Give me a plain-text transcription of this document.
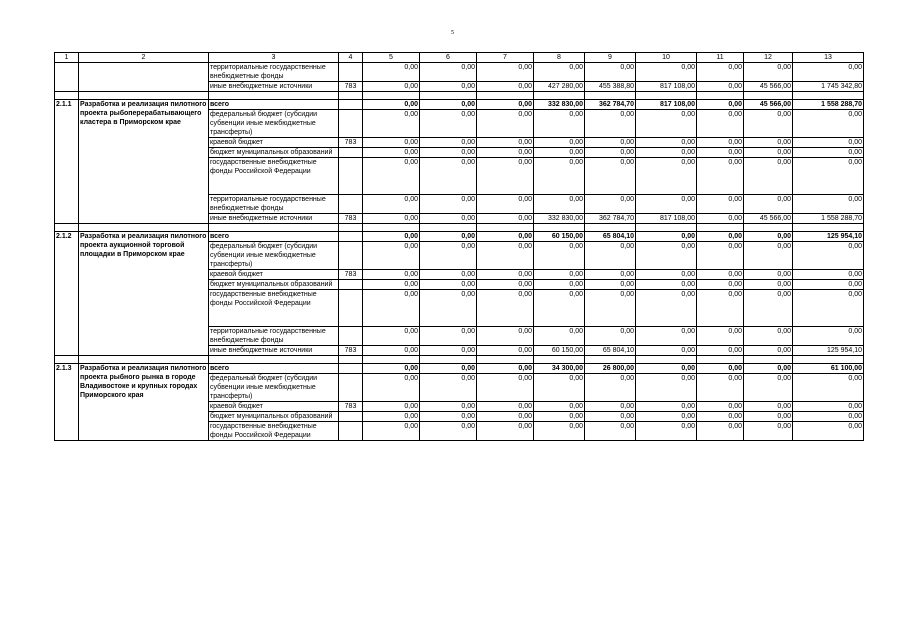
5
1	2	3	4	5	6	7	8	9	10	11	12	13
		территориальные государственные внебюджетные фонды		0,00	0,00	0,00	0,00	0,00	0,00	0,00	0,00	0,00
		иные внебюджетные источники	783	0,00	0,00	0,00	427 280,00	455 388,80	817 108,00	0,00	45 566,00	1 745 342,80

2.1.1	Разработка и реализация пилотного проекта рыбоперерабатывающего кластера в Приморском крае	всего		0,00	0,00	0,00	332 830,00	362 784,70	817 108,00	0,00	45 566,00	1 558 288,70
		федеральный бюджет (субсидии субвенции иные межбюджетные трансферты)		0,00	0,00	0,00	0,00	0,00	0,00	0,00	0,00	0,00
		краевой бюджет	783	0,00	0,00	0,00	0,00	0,00	0,00	0,00	0,00	0,00
		бюджет муниципальных образований		0,00	0,00	0,00	0,00	0,00	0,00	0,00	0,00	0,00
		государственные внебюджетные фонды Российской Федерации		0,00	0,00	0,00	0,00	0,00	0,00	0,00	0,00	0,00
		территориальные государственные внебюджетные фонды		0,00	0,00	0,00	0,00	0,00	0,00	0,00	0,00	0,00
		иные внебюджетные источники	783	0,00	0,00	0,00	332 830,00	362 784,70	817 108,00	0,00	45 566,00	1 558 288,70

2.1.2	Разработка и реализация пилотного проекта аукционной торговой площадки в Приморском крае	всего		0,00	0,00	0,00	60 150,00	65 804,10	0,00	0,00	0,00	125 954,10
		федеральный бюджет (субсидии субвенции иные межбюджетные трансферты)		0,00	0,00	0,00	0,00	0,00	0,00	0,00	0,00	0,00
		краевой бюджет	783	0,00	0,00	0,00	0,00	0,00	0,00	0,00	0,00	0,00
		бюджет муниципальных образований		0,00	0,00	0,00	0,00	0,00	0,00	0,00	0,00	0,00
		государственные внебюджетные фонды Российской Федерации		0,00	0,00	0,00	0,00	0,00	0,00	0,00	0,00	0,00
		территориальные государственные внебюджетные фонды		0,00	0,00	0,00	0,00	0,00	0,00	0,00	0,00	0,00
		иные внебюджетные источники	783	0,00	0,00	0,00	60 150,00	65 804,10	0,00	0,00	0,00	125 954,10

2.1.3	Разработка и реализация пилотного проекта рыбного рынка в городе Владивостоке и крупных городах Приморского края	всего		0,00	0,00	0,00	34 300,00	26 800,00	0,00	0,00	0,00	61 100,00
		федеральный бюджет (субсидии субвенции иные межбюджетные трансферты)		0,00	0,00	0,00	0,00	0,00	0,00	0,00	0,00	0,00
		краевой бюджет	783	0,00	0,00	0,00	0,00	0,00	0,00	0,00	0,00	0,00
		бюджет муниципальных образований		0,00	0,00	0,00	0,00	0,00	0,00	0,00	0,00	0,00
		государственные внебюджетные фонды Российской Федерации		0,00	0,00	0,00	0,00	0,00	0,00	0,00	0,00	0,00
